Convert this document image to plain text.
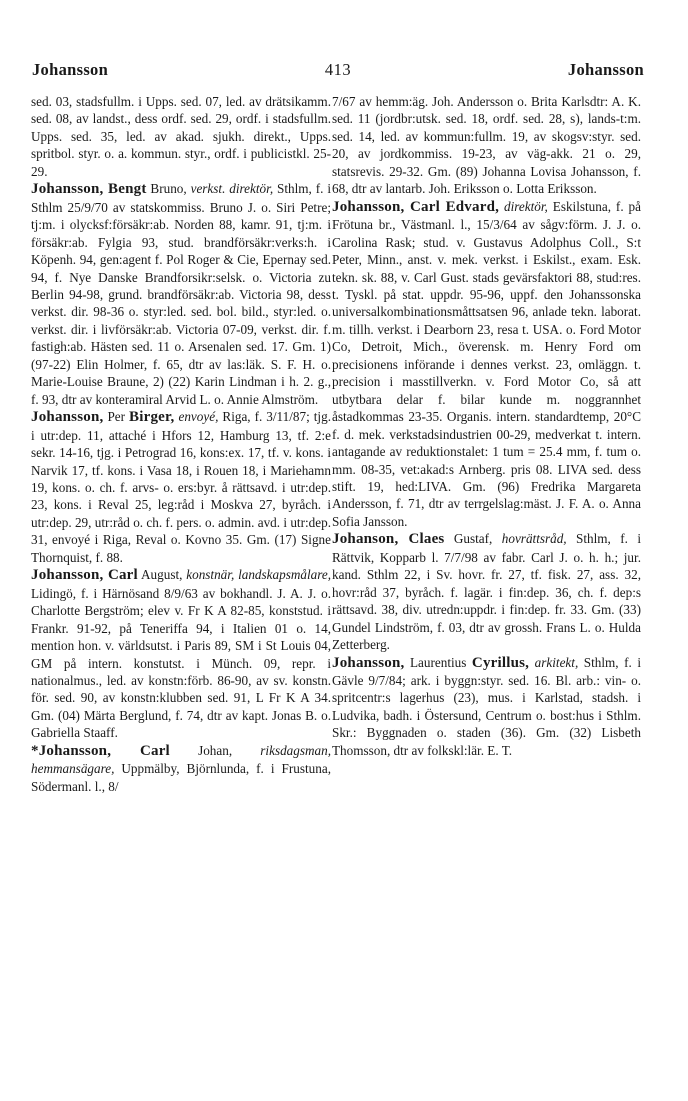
Johansson	413	Johansson

sed. 03, stadsfullm. i Upps. sed. 07, led. av drätsikamm. sed. 08, av landst., dess ordf. sed. 29, ordf. i stadsfullm. Upps. sed. 35, led. av akad. sjukh. direkt., Upps. spritbol. styr. o. a. kommun. styr., ordf. i publicistkl. 25-29.

Johansson, Bengt Bruno, verkst. direktör, Sthlm, f. i Sthlm 25/9/70 av statskommiss. Bruno J. o. Siri Petre; tj:m. i olycksf:försäkr:ab. Norden 88, kamr. 91, tj:m. i försäkr:ab. Fylgia 93, stud. brandförsäkr:verks:h. i Köpenh. 94, gen:agent f. Pol Roger & Cie, Epernay sed. 94, f. Nye Danske Brandforsikr:selsk. o. Victoria zu Berlin 94-98, grund. brandförsäkr:ab. Victoria 98, dess verkst. dir. 98-36 o. styr:led. sed. bol. bild., styr:led. o. verkst. dir. i livförsäkr:ab. Victoria 07-09, verkst. dir. f. fastigh:ab. Hästen sed. 11 o. Arsenalen sed. 17. Gm. 1) (97-22) Elin Holmer, f. 65, dtr av las:läk. S. F. H. o. Marie-Louise Braune, 2) (22) Karin Lindman i h. 2. g., f. 93, dtr av konteramiral Arvid L. o. Annie Almström.

Johansson, Per Birger, envoyé, Riga, f. 3/11/87; tjg. i utr:dep. 11, attaché i Hfors 12, Hamburg 13, tf. 2:e sekr. 14-16, tjg. i Petrograd 16, kons:ex. 17, tf. v. kons. i Narvik 17, tf. kons. i Vasa 18, i Rouen 18, i Mariehamn 19, kons. o. ch. f. arvs- o. ers:byr. å rättsavd. i utr:dep. 23, kons. i Reval 25, leg:råd i Moskva 27, byråch. i utr:dep. 29, utr:råd o. ch. f. pers. o. admin. avd. i utr:dep. 31, envoyé i Riga, Reval o. Kovno 35. Gm. (17) Signe Thornquist, f. 88.

Johansson, Carl August, konstnär, landskapsmålare, Lidingö, f. i Härnösand 8/9/63 av bokhandl. J. A. J. o. Charlotte Bergström; elev v. Fr K A 82-85, konststud. i Frankr. 91-92, på Teneriffa 94, i Italien 01 o. 14, mention hon. v. världsutst. i Paris 89, SM i St Louis 04, GM på intern. konstutst. i Münch. 09, repr. i nationalmus., led. av konstn:förb. 86-90, av sv. konstn. för. sed. 90, av konstn:klubben sed. 91, L Fr K A 34. Gm. (04) Märta Berglund, f. 74, dtr av kapt. Jonas B. o. Gabriella Staaff.

*Johansson, Carl Johan, riksdagsman, hemmansägare, Uppmälby, Björnlunda, f. i Frustuna, Södermanl. l., 8/

7/67 av hemm:äg. Joh. Andersson o. Brita Karlsdtr: A. K. sed. 11 (jordbr:utsk. sed. 18, ordf. sed. 28, s), lands-t:m. sed. 14, led. av kommun:fullm. 19, av skogsv:styr. sed. 20, av jordkommiss. 19-23, av väg-akk. 21 o. 29, statsrevis. 29-32. Gm. (89) Johanna Lovisa Johansson, f. 68, dtr av lantarb. Joh. Eriksson o. Lotta Eriksson.

Johansson, Carl Edvard, direktör, Eskilstuna, f. på Frötuna br., Västmanl. l., 15/3/64 av sågv:förm. J. J. o. Carolina Rask; stud. v. Gustavus Adolphus Coll., S:t Peter, Minn., anst. v. mek. verkst. i Eskilst., exam. Esk. tekn. sk. 88, v. Carl Gust. stads gevärsfaktori 88, stud:res. t. Tyskl. på stat. uppdr. 95-96, uppf. den Johanssonska universalkombinationsmåttsatsen 96, anlade tekn. laborat. m. tillh. verkst. i Dearborn 23, resa t. USA. o. Ford Motor Co, Detroit, Mich., överensk. m. Henry Ford om precisionens införande i dennes verkst. 23, omläggn. t. precision i masstillverkn. v. Ford Motor Co, så att utbytbara delar f. bilar kunde m. noggrannhet åstadkommas 23-35. Organis. intern. standardtemp, 20°C f. d. mek. verkstadsindustrien 00-29, medverkat t. intern. antagande av reduktionstalet: 1 tum = 25.4 mm, f. tum o. mm. 08-35, vet:akad:s Arnberg. pris 08. LIVA sed. dess stift. 19, hed:LIVA. Gm. (96) Fredrika Margareta Andersson, f. 71, dtr av terrgelslag:mäst. J. F. A. o. Anna Sofia Jansson.

Johanson, Claes Gustaf, hovrättsråd, Sthlm, f. i Rättvik, Kopparb l. 7/7/98 av fabr. Carl J. o. h. h.; jur. kand. Sthlm 22, i Sv. hovr. fr. 27, tf. fisk. 27, ass. 32, hovr:råd 37, byråch. f. lagär. i fin:dep. 36, ch. f. dep:s rättsavd. 38, div. utredn:uppdr. i fin:dep. fr. 33. Gm. (33) Gundel Lindström, f. 03, dtr av grossh. Frans L. o. Hulda Zetterberg.

Johansson, Laurentius Cyrillus, arkitekt, Sthlm, f. i Gävle 9/7/84; ark. i byggn:styr. sed. 16. Bl. arb.: vin- o. spritcentr:s lagerhus (23), mus. i Karlstad, stadsh. i Ludvika, badh. i Östersund, Centrum o. bost:hus i Sthlm. Skr.: Byggnaden o. staden (36). Gm. (32) Lisbeth Thomsson, dtr av folkskl:lär. E. T.
